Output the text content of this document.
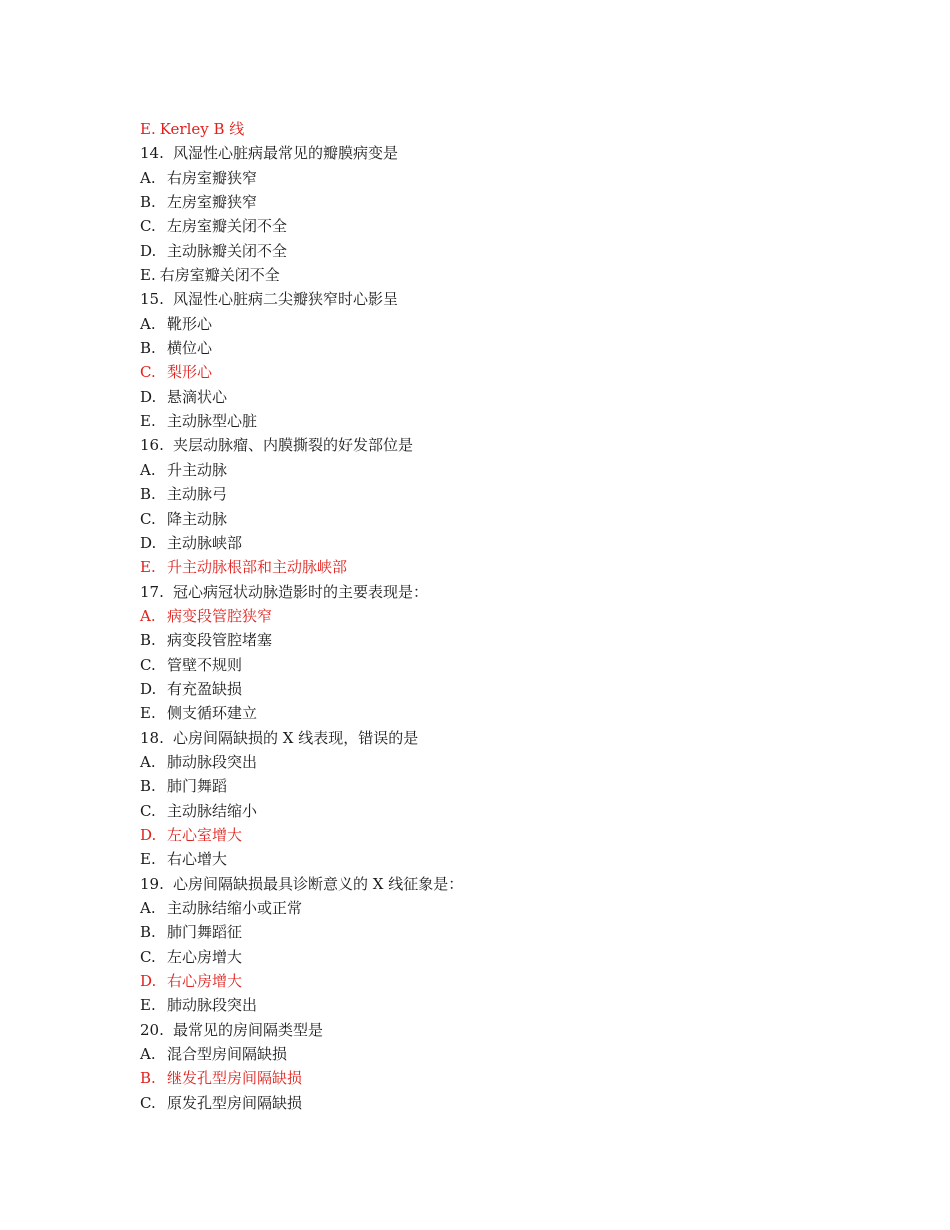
E. Kerley B 线
14. 风湿性心脏病最常见的瓣膜病变是
A. 右房室瓣狭窄
B. 左房室瓣狭窄
C. 左房室瓣关闭不全
D. 主动脉瓣关闭不全
E. 右房室瓣关闭不全
15. 风湿性心脏病二尖瓣狭窄时心影呈
A. 靴形心
B. 横位心
C. 梨形心
D. 悬滴状心
E. 主动脉型心脏
16. 夹层动脉瘤、内膜撕裂的好发部位是
A. 升主动脉
B. 主动脉弓
C. 降主动脉
D. 主动脉峡部
E. 升主动脉根部和主动脉峡部
17. 冠心病冠状动脉造影时的主要表现是：
A. 病变段管腔狭窄
B. 病变段管腔堵塞
C. 管壁不规则
D. 有充盈缺损
E. 侧支循环建立
18. 心房间隔缺损的 X 线表现，错误的是
A. 肺动脉段突出
B. 肺门舞蹈
C. 主动脉结缩小
D. 左心室增大
E. 右心增大
19. 心房间隔缺损最具诊断意义的 X 线征象是：
A. 主动脉结缩小或正常
B. 肺门舞蹈征
C. 左心房增大
D. 右心房增大
E. 肺动脉段突出
20. 最常见的房间隔类型是
A. 混合型房间隔缺损
B. 继发孔型房间隔缺损
C. 原发孔型房间隔缺损
